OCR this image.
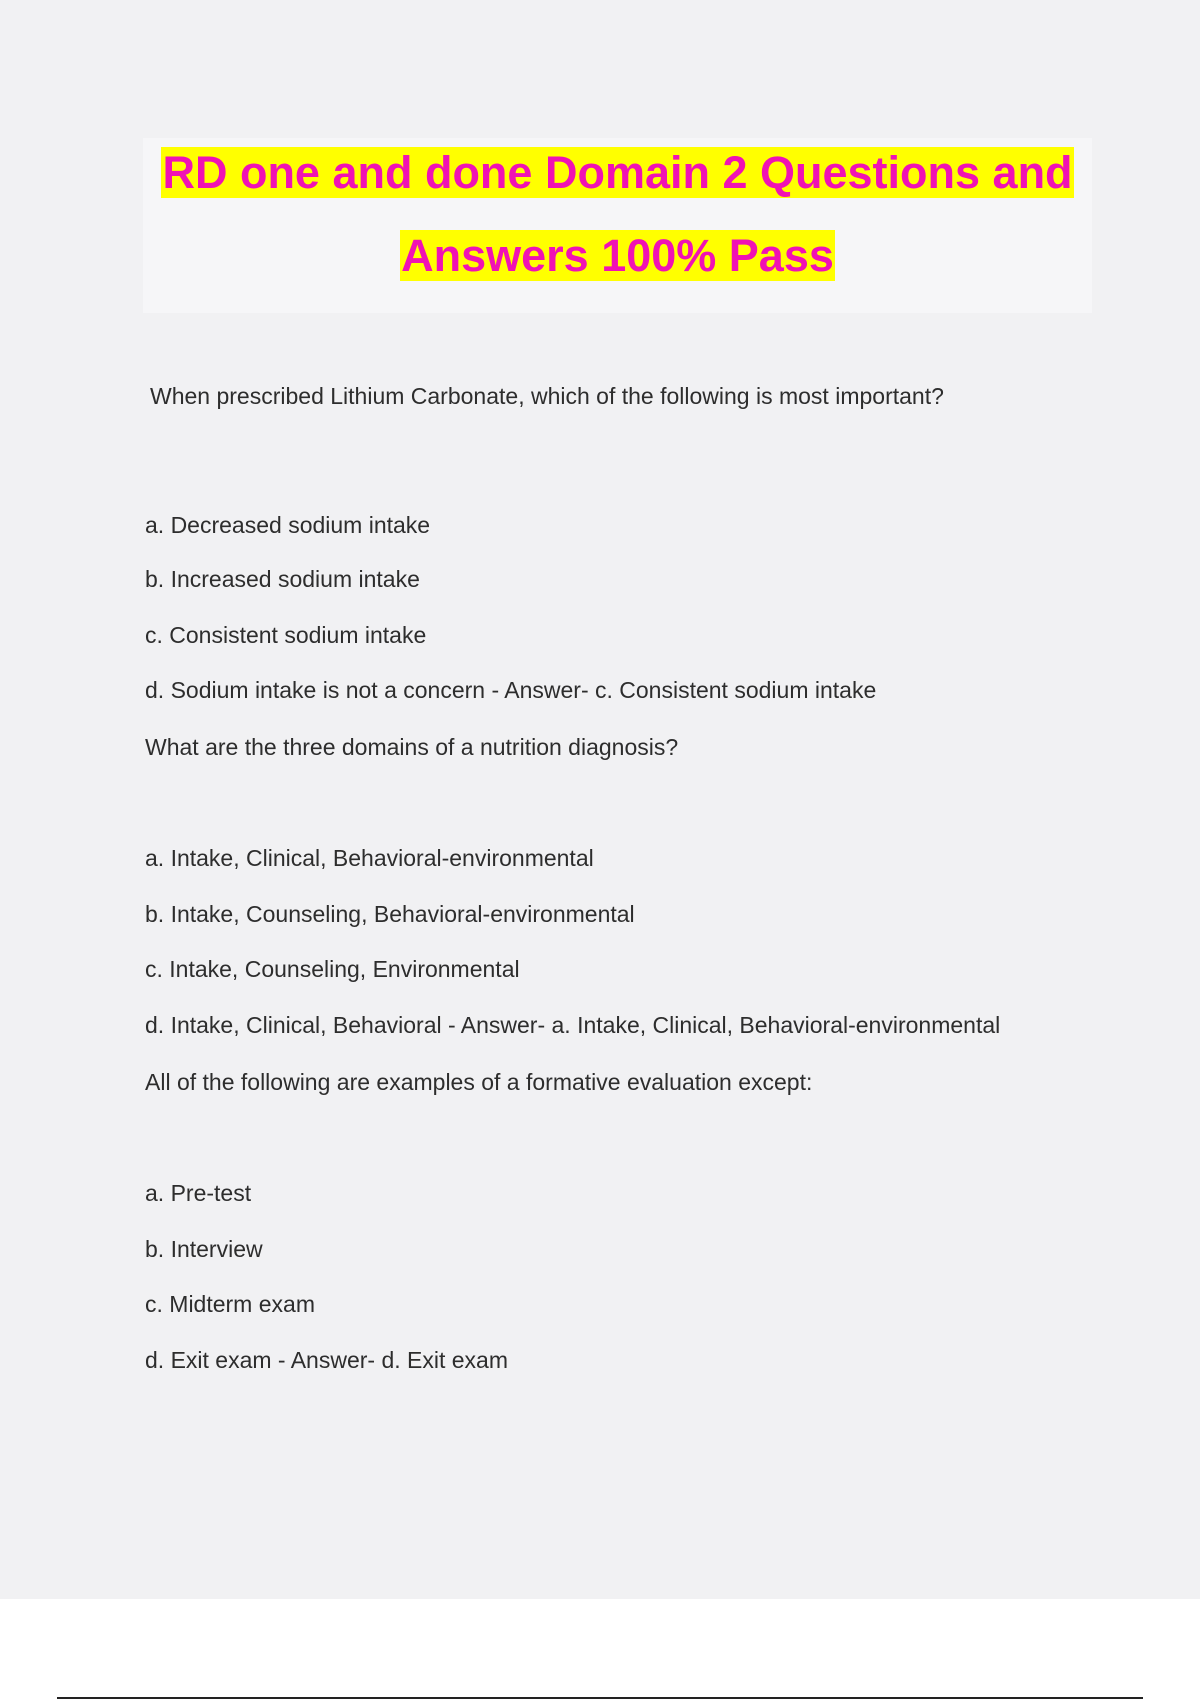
RD one and done Domain 2 Questions and
Answers 100% Pass
When prescribed Lithium Carbonate, which of the following is most important?
a. Decreased sodium intake
b. Increased sodium intake
c. Consistent sodium intake
d. Sodium intake is not a concern - Answer- c. Consistent sodium intake
What are the three domains of a nutrition diagnosis?
a. Intake, Clinical, Behavioral-environmental
b. Intake, Counseling, Behavioral-environmental
c. Intake, Counseling, Environmental
d. Intake, Clinical, Behavioral - Answer- a. Intake, Clinical, Behavioral-environmental
All of the following are examples of a formative evaluation except:
a. Pre-test
b. Interview
c. Midterm exam
d. Exit exam - Answer- d. Exit exam
